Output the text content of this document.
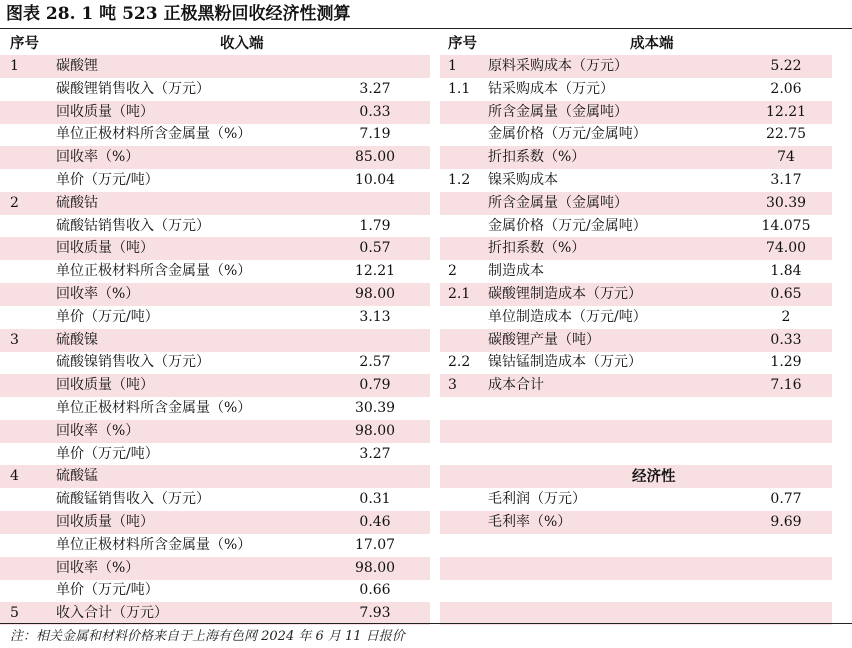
图表 28. 1 吨 523 正极黑粉回收经济性测算
序号	收入端
1	碳酸锂
碳酸锂销售收入（万元）	3.27
回收质量（吨）	0.33
单位正极材料所含金属量（%）	7.19
回收率（%）	85.00
单价（万元/吨）	10.04
2	硫酸钴
硫酸钴销售收入（万元）	1.79
回收质量（吨）	0.57
单位正极材料所含金属量（%）	12.21
回收率（%）	98.00
单价（万元/吨）	3.13
3	硫酸镍
硫酸镍销售收入（万元）	2.57
回收质量（吨）	0.79
单位正极材料所含金属量（%）	30.39
回收率（%）	98.00
单价（万元/吨）	3.27
4	硫酸锰
硫酸锰销售收入（万元）	0.31
回收质量（吨）	0.46
单位正极材料所含金属量（%）	17.07
回收率（%）	98.00
单价（万元/吨）	0.66
5	收入合计（万元）	7.93
序号	成本端
1 原料采购成本（万元）	5.22
1.1 钴采购成本（万元）	2.06
所含金属量（金属吨）	12.21
金属价格（万元/金属吨）	22.75
折扣系数（%）	74
1.2 镍采购成本	3.17
所含金属量（金属吨）	30.39
金属价格（万元/金属吨）	14.075
折扣系数（%）	74.00
2 制造成本	1.84
2.1 碳酸锂制造成本（万元）	0.65
单位制造成本（万元/吨）	2
碳酸锂产量（吨）	0.33
2.2 镍钴锰制造成本（万元）	1.29
3 成本合计	7.16
经济性
毛利润（万元）	0.77
毛利率（%）	9.69
注：相关金属和材料价格来自于上海有色网 2024 年 6 月 11 日报价
